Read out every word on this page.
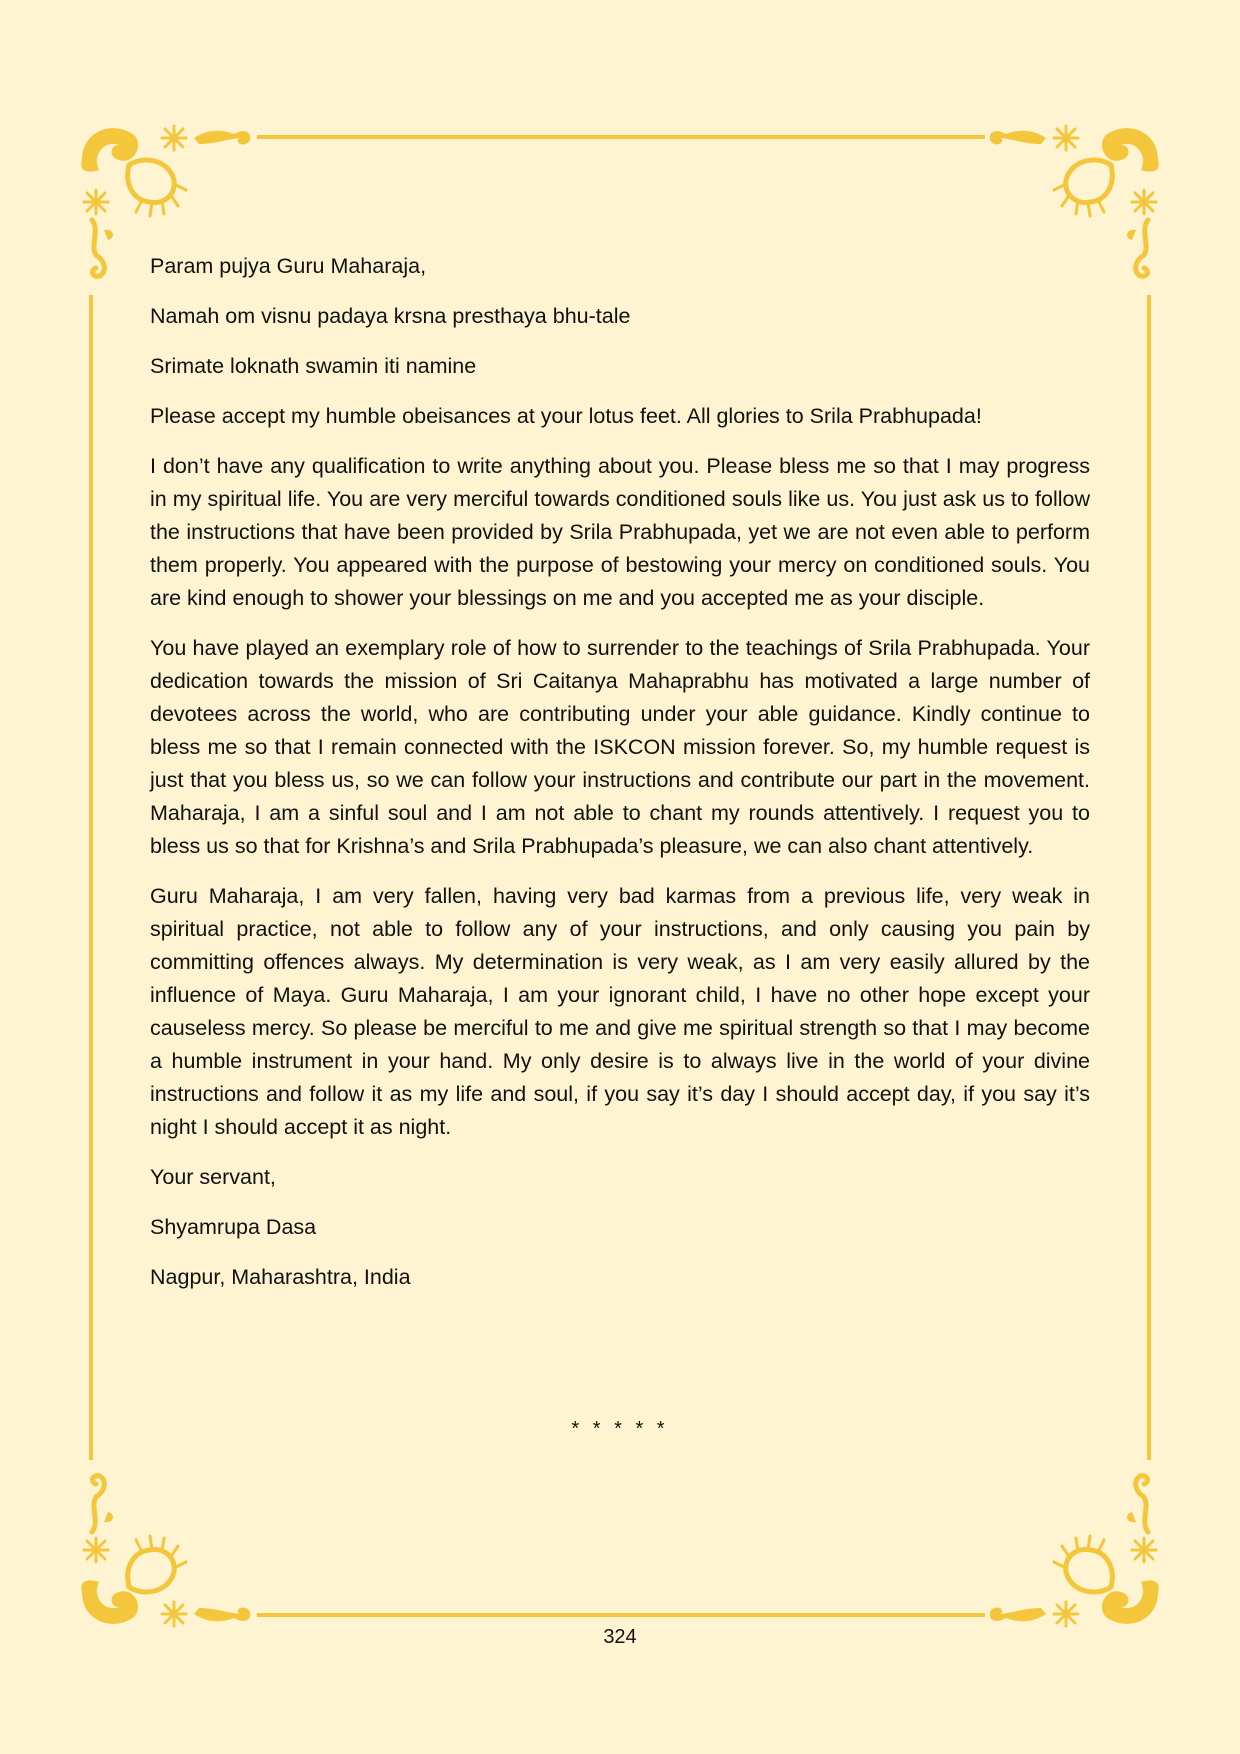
Param pujya Guru Maharaja,

Namah om visnu padaya krsna presthaya bhu-tale

Srimate loknath swamin iti namine

Please accept my humble obeisances at your lotus feet. All glories to Srila Prabhupada!

I don’t have any qualification to write anything about you. Please bless me so that I may progress in my spiritual life. You are very merciful towards conditioned souls like us. You just ask us to follow the instructions that have been provided by Srila Prabhupada, yet we are not even able to perform them properly. You appeared with the purpose of bestowing your mercy on conditioned souls. You are kind enough to shower your blessings on me and you accepted me as your disciple.

You have played an exemplary role of how to surrender to the teachings of Srila Prabhupada. Your dedication towards the mission of Sri Caitanya Mahaprabhu has motivated a large number of devotees across the world, who are contributing under your able guidance. Kindly continue to bless me so that I remain connected with the ISKCON mission forever. So, my humble request is just that you bless us, so we can follow your instructions and contribute our part in the movement. Maharaja, I am a sinful soul and I am not able to chant my rounds attentively. I request you to bless us so that for Krishna’s and Srila Prabhupada’s pleasure, we can also chant attentively.

Guru Maharaja, I am very fallen, having very bad karmas from a previous life, very weak in spiritual practice, not able to follow any of your instructions, and only causing you pain by committing offences always. My determination is very weak, as I am very easily allured by the influence of Maya. Guru Maharaja, I am your ignorant child, I have no other hope except your causeless mercy. So please be merciful to me and give me spiritual strength so that I may become a humble instrument in your hand. My only desire is to always live in the world of your divine instructions and follow it as my life and soul, if you say it’s day I should accept day, if you say it’s night I should accept it as night.

Your servant,

Shyamrupa Dasa

Nagpur, Maharashtra, India

* * * * *
324
